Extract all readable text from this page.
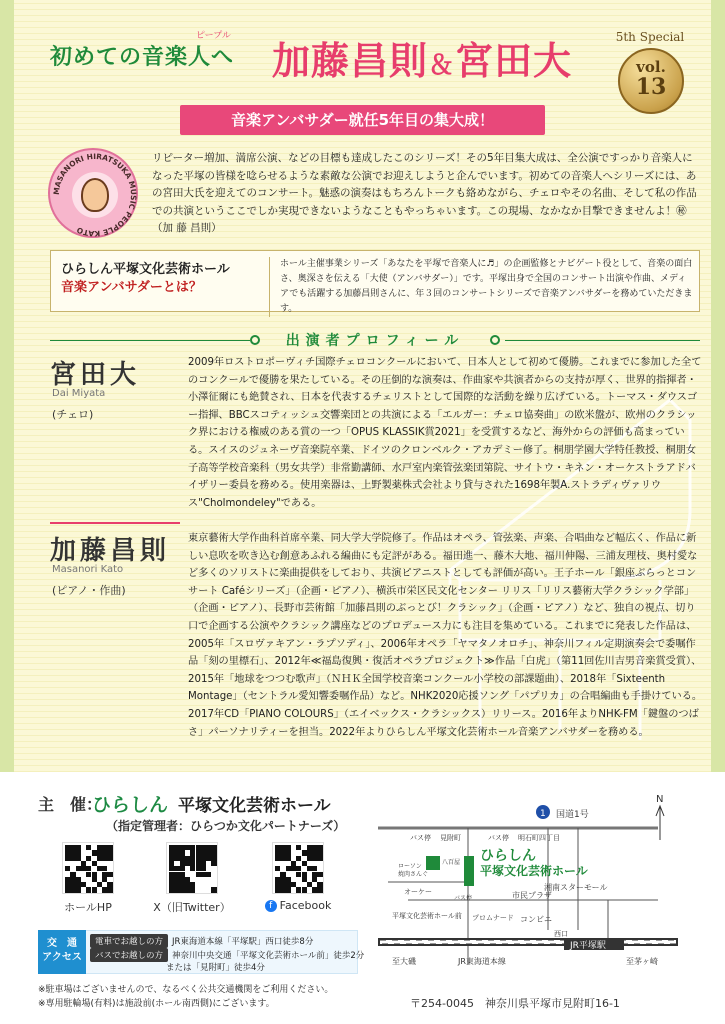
初めての音楽人へ
ピープル
加藤昌則＆宮田大
5th Special
vol.
13
音楽アンバサダー就任5年目の集大成！
MASANORI HIRATSUKA MUSIC PEOPLE KATO
リピーター増加、満席公演、などの目標も達成したこのシリーズ！その5年目集大成は、全公演ですっかり音楽人になった平塚の皆様を唸らせるような素敵な公演でお迎えしようと企んでいます。初めての音楽人へシリーズには、あの宮田大氏を迎えてのコンサート。魅惑の演奏はもちろんトークも絡めながら、チェロやその名曲、そして私の作品での共演というここでしか実現できないようなこともやっちゃいます。この現場、なかなか目撃できませんよ！㊙（加 藤 昌則）
ひらしん平塚文化芸術ホール
音楽アンバサダーとは？
ホール主催事業シリーズ「あなたを平塚で音楽人に♬」の企画監修とナビゲート役として、音楽の面白さ、奥深さを伝える「大使（アンバサダー）」です。平塚出身で全国のコンサート出演や作曲、メディアでも活躍する加藤昌則さんに、年３回のコンサートシリーズで音楽アンバサダーを務めていただきます。
出演者プロフィール
宮田大
Dai Miyata
(チェロ)
2009年ロストロポーヴィチ国際チェロコンクールにおいて、日本人として初めて優勝。これまでに参加した全てのコンクールで優勝を果たしている。その圧倒的な演奏は、作曲家や共演者からの支持が厚く、世界的指揮者・小澤征爾にも絶賛され、日本を代表するチェリストとして国際的な活動を繰り広げている。トーマス・ダウスゴー指揮、BBCスコティッシュ交響楽団との共演による「エルガー：チェロ協奏曲」の欧米盤が、欧州のクラシック界における権威のある賞の一つ「OPUS KLASSIK賞2021」を受賞するなど、海外からの評価も高まっている。スイスのジュネーヴ音楽院卒業、ドイツのクロンベルク・アカデミー修了。桐朋学園大学特任教授、桐朋女子高等学校音楽科（男女共学）非常勤講師、水戸室内楽管弦楽団第院、サイトウ・キネン・オーケストラアドバイザリー委員を務める。使用楽器は、上野製薬株式会社より貸与された1698年製A.ストラディヴァリウス"Cholmondeley"である。
加藤昌則
Masanori Kato
(ピアノ・作曲)
東京藝術大学作曲科首席卒業、同大学大学院修了。作品はオペラ、管弦楽、声楽、合唱曲など幅広く、作品に新しい息吹を吹き込む創意あふれる編曲にも定評がある。福田進一、藤木大地、福川伸陽、三浦友理枝、奥村愛など多くのソリストに楽曲提供をしており、共演ピアニストとしても評価が高い。王子ホール「銀座ぶらっとコンサート Caféシリーズ」（企画・ピアノ）、横浜市栄区民文化センター リリス「リリス藝術大学クラシック学部」（企画・ピアノ）、長野市芸術館「加藤昌則のぶっとび！クラシック」（企画・ピアノ）など、独自の視点、切り口で企画する公演やクラシック講座などのプロデュース力にも注目を集めている。これまでに発表した作品は、2005年「スロヴァキアン・ラプソディ」、2006年オペラ「ヤマタノオロチ」、神奈川フィル定期演奏会で委嘱作品「刻の里標石」、2012年≪福島復興・復活オペラプロジェクト≫作品「白虎」（第11回佐川吉男音楽賞受賞）、2015年「地球をつつむ歌声」（ＮＨＫ全国学校音楽コンクール小学校の部課題曲）、2018年「Sixteenth Montage」（セントラル愛知響委嘱作品）など。NHK2020応援ソング「パプリカ」の合唱編曲も手掛けている。2017年CD「PIANO COLOURS」（エイベックス・クラシックス）リリース。2016年よりNHK-FM「鍵盤のつばさ」パーソナリティーを担当。2022年よりひらしん平塚文化芸術ホール音楽アンバサダーを務める。
主　催：
ひらしん 平塚文化芸術ホール
（指定管理者：ひらつか文化パートナーズ）
ホールHP	X（旧Twitter）	f Facebook
交　通
アクセス
電車でお越しの方 JR東海道本線「平塚駅」西口徒歩8分
バスでお越しの方 神奈川中央交通「平塚文化芸術ホール前」徒歩2分
または「見附町」徒歩4分
※駐車場はございませんので、なるべく公共交通機関をご利用ください。
※専用駐輪場(有料)は施設前(ホール南西側)にございます。
1 国道1号
バス停 見附町	バス停 明石町四丁目
ひらしん
平塚文化芸術ホール
湘南スターモール
ローソン
焼肉さんぐ
八百屋
オーケー
バス停
平塚文化芸術ホール前 プロムナード
市民プラザ
コンビニ
西口
JR平塚駅
至大磯	JR東海道本線	至茅ヶ崎
N
〒254-0045　神奈川県平塚市見附町16-1
